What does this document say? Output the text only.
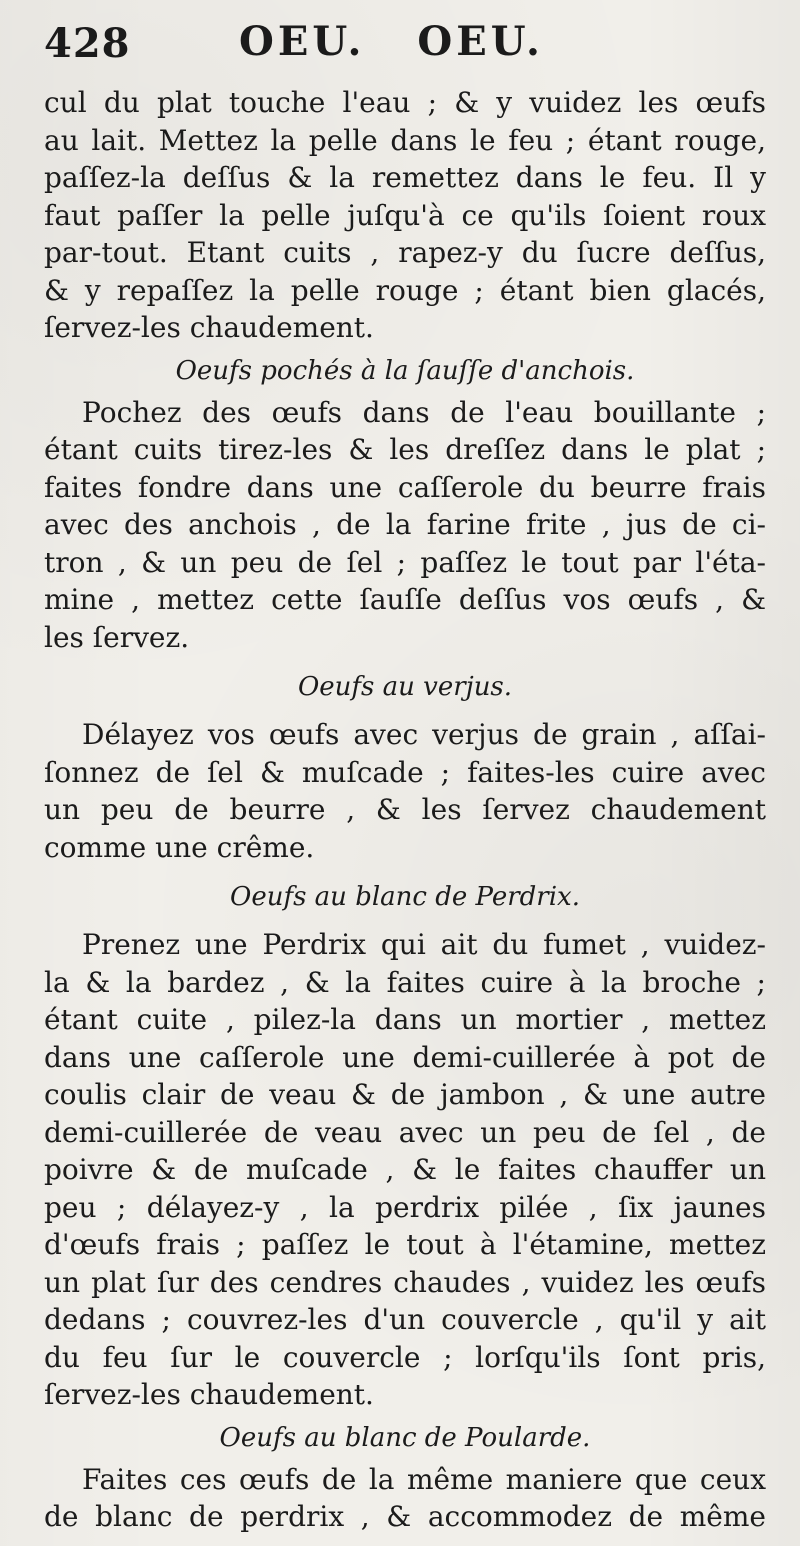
428	OEU. OEU.
cul du plat touche l'eau ; & y vuidez les œufs
au lait. Mettez la pelle dans le feu ; étant rouge,
paſſez-la deſſus & la remettez dans le feu. Il y
faut paſſer la pelle juſqu'à ce qu'ils ſoient roux
par-tout. Etant cuits , rapez-y du ſucre deſſus,
& y repaſſez la pelle rouge ; étant bien glacés,
ſervez-les chaudement.
Oeufs pochés à la ſauſſe d'anchois.
Pochez des œufs dans de l'eau bouillante ;
étant cuits tirez-les & les dreſſez dans le plat ;
faites fondre dans une caſſerole du beurre frais
avec des anchois , de la farine frite , jus de ci-
tron , & un peu de ſel ; paſſez le tout par l'éta-
mine , mettez cette ſauſſe deſſus vos œufs , &
les ſervez.
Oeufs au verjus.
Délayez vos œufs avec verjus de grain , aſſai-
ſonnez de ſel & muſcade ; faites-les cuire avec
un peu de beurre , & les ſervez chaudement
comme une crême.
Oeufs au blanc de Perdrix.
Prenez une Perdrix qui ait du fumet , vuidez-
la & la bardez , & la faites cuire à la broche ;
étant cuite , pilez-la dans un mortier , mettez
dans une caſſerole une demi-cuillerée à pot de
coulis clair de veau & de jambon , & une autre
demi-cuillerée de veau avec un peu de ſel , de
poivre & de muſcade , & le faites chauffer un
peu ; délayez-y , la perdrix pilée , ſix jaunes
d'œufs frais ; paſſez le tout à l'étamine, mettez
un plat ſur des cendres chaudes , vuidez les œufs
dedans ; couvrez-les d'un couvercle , qu'il y ait
du feu ſur le couvercle ; lorſqu'ils ſont pris,
ſervez-les chaudement.
Oeufs au blanc de Poularde.
Faites ces œufs de la même maniere que ceux
de blanc de perdrix , & accommodez de même
